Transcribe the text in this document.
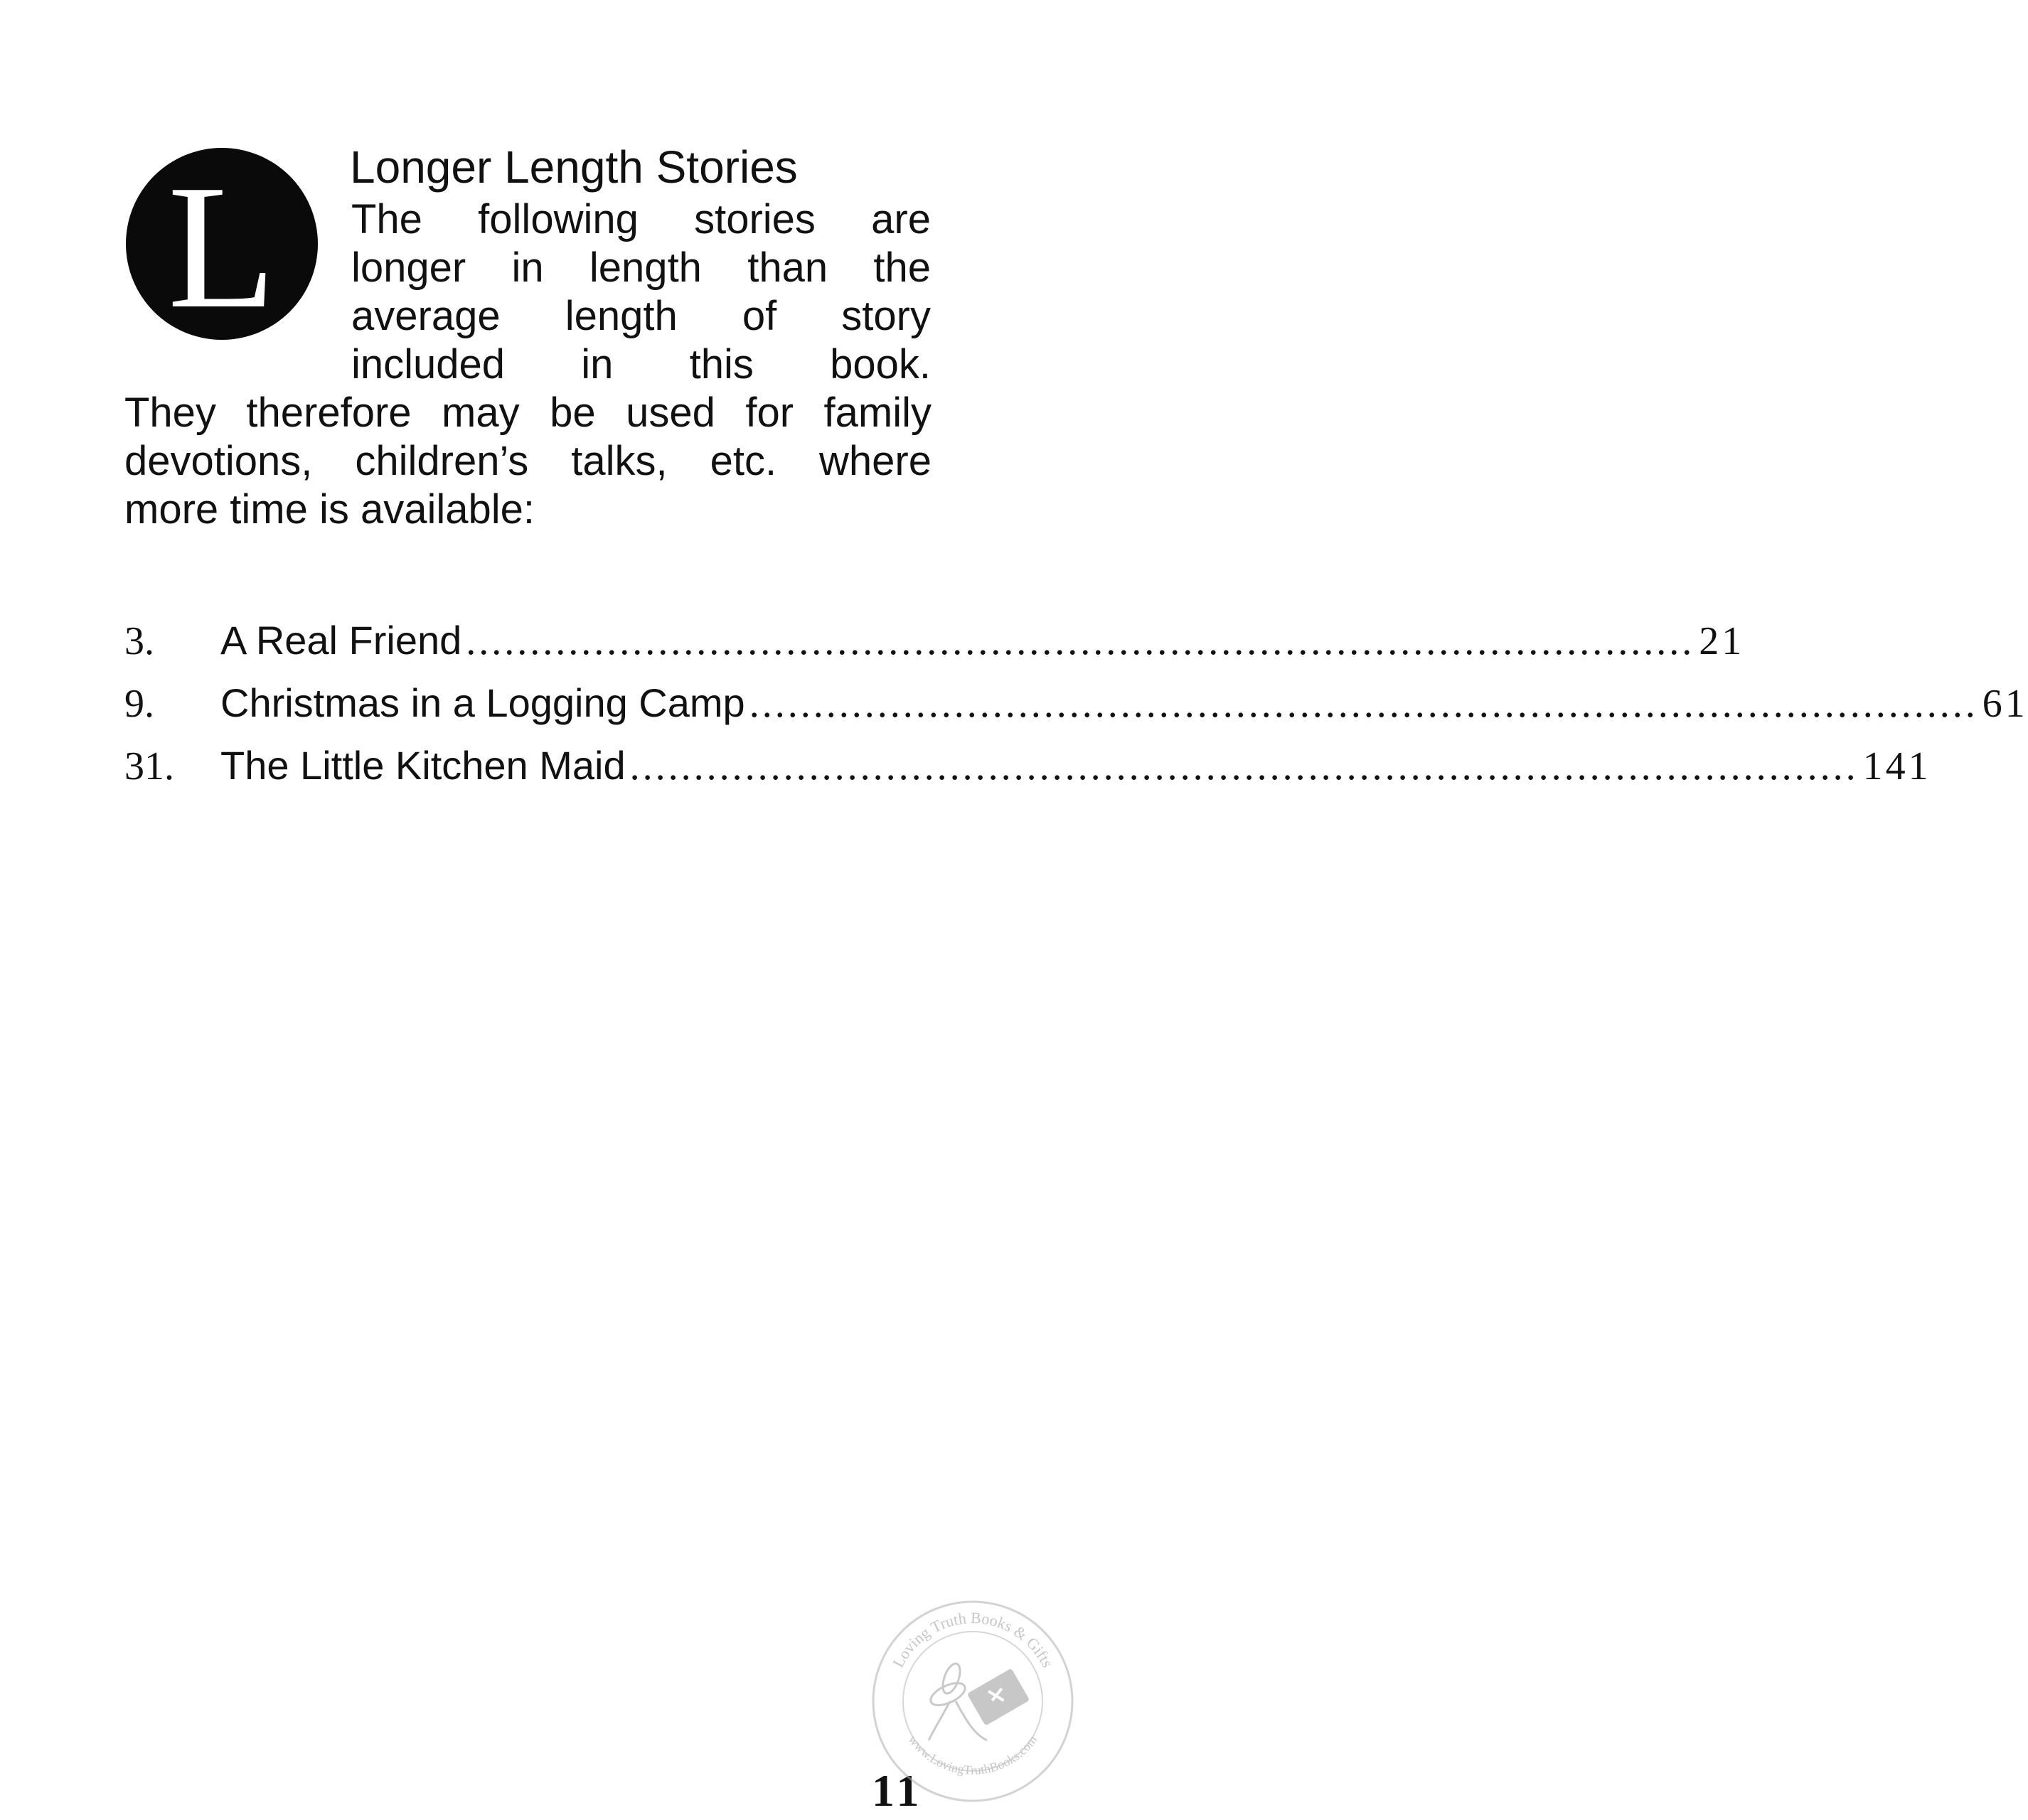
L	Longer Length Stories
The following stories are
longer in length than the
average length of story
included in this book.
They therefore may be used for family
devotions, children’s talks, etc. where
more time is available:
3.	A Real Friend ................................................................................................ 21
9.	Christmas in a Logging Camp ................................................................................................ 61
31.	The Little Kitchen Maid ................................................................................................ 141
11
Loving Truth Books & Gifts
www.LovingTruthBooks.com
